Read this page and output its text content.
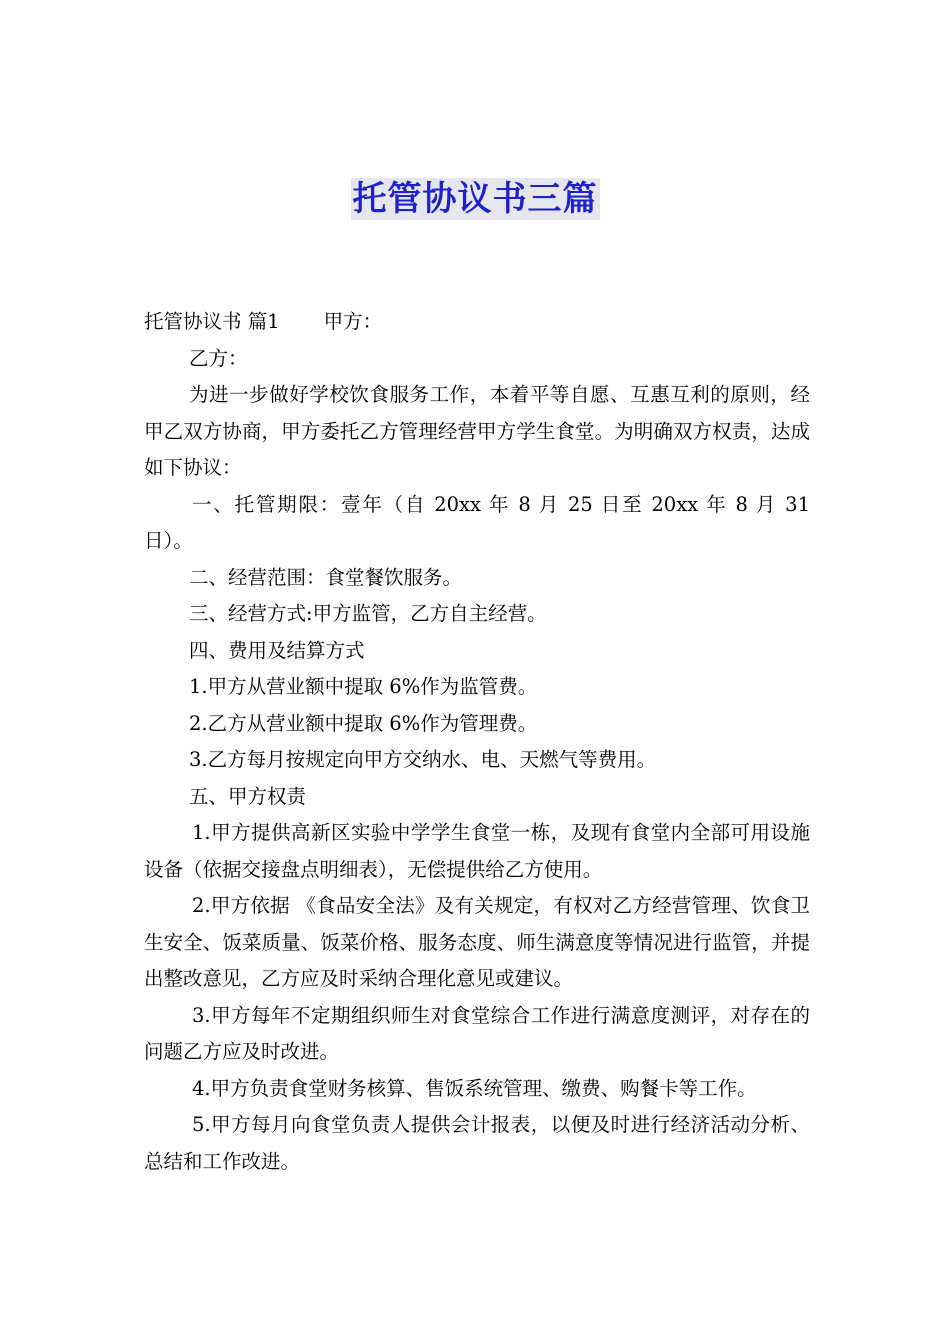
托管协议书三篇

托管协议书 篇1 甲方：

乙方：

为进一步做好学校饮食服务工作，本着平等自愿、互惠互利的原则，经甲乙双方协商，甲方委托乙方管理经营甲方学生食堂。为明确双方权责，达成如下协议：

一、托管期限：壹年（自 20xx 年 8 月 25 日至 20xx 年 8 月 31 日）。

二、经营范围：食堂餐饮服务。

三、经营方式:甲方监管，乙方自主经营。

四、费用及结算方式

1.甲方从营业额中提取 6%作为监管费。

2.乙方从营业额中提取 6%作为管理费。

3.乙方每月按规定向甲方交纳水、电、天燃气等费用。

五、甲方权责

1.甲方提供高新区实验中学学生食堂一栋，及现有食堂内全部可用设施设备（依据交接盘点明细表），无偿提供给乙方使用。

2.甲方依据 《食品安全法》及有关规定，有权对乙方经营管理、饮食卫生安全、饭菜质量、饭菜价格、服务态度、师生满意度等情况进行监管，并提出整改意见，乙方应及时采纳合理化意见或建议。

3.甲方每年不定期组织师生对食堂综合工作进行满意度测评，对存在的问题乙方应及时改进。

4.甲方负责食堂财务核算、售饭系统管理、缴费、购餐卡等工作。

5.甲方每月向食堂负责人提供会计报表，以便及时进行经济活动分析、总结和工作改进。
